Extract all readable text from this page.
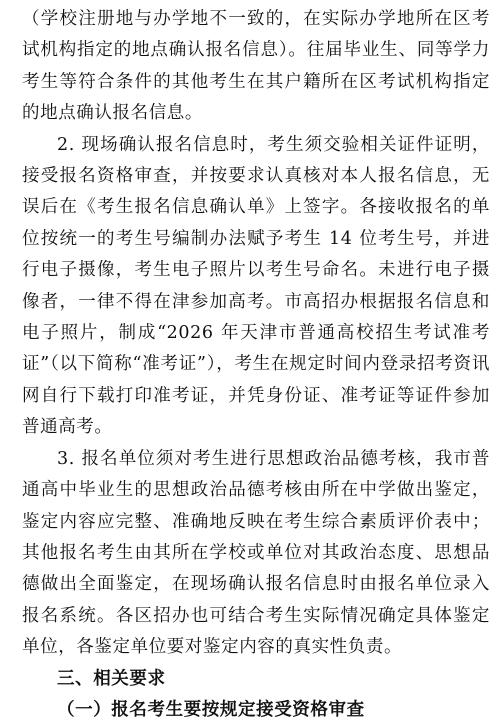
（学校注册地与办学地不一致的，在实际办学地所在区考试机构指定的地点确认报名信息）。往届毕业生、同等学力考生等符合条件的其他考生在其户籍所在区考试机构指定的地点确认报名信息。

2. 现场确认报名信息时，考生须交验相关证件证明，接受报名资格审查，并按要求认真核对本人报名信息，无误后在《考生报名信息确认单》上签字。各接收报名的单位按统一的考生号编制办法赋予考生 14 位考生号，并进行电子摄像，考生电子照片以考生号命名。未进行电子摄像者，一律不得在津参加高考。市高招办根据报名信息和电子照片，制成“2026 年天津市普通高校招生考试准考证”（以下简称“准考证”），考生在规定时间内登录招考资讯网自行下载打印准考证，并凭身份证、准考证等证件参加普通高考。

3. 报名单位须对考生进行思想政治品德考核，我市普通高中毕业生的思想政治品德考核由所在中学做出鉴定，鉴定内容应完整、准确地反映在考生综合素质评价表中；其他报名考生由其所在学校或单位对其政治态度、思想品德做出全面鉴定，在现场确认报名信息时由报名单位录入报名系统。各区招办也可结合考生实际情况确定具体鉴定单位，各鉴定单位要对鉴定内容的真实性负责。

三、相关要求

（一）报名考生要按规定接受资格审查
